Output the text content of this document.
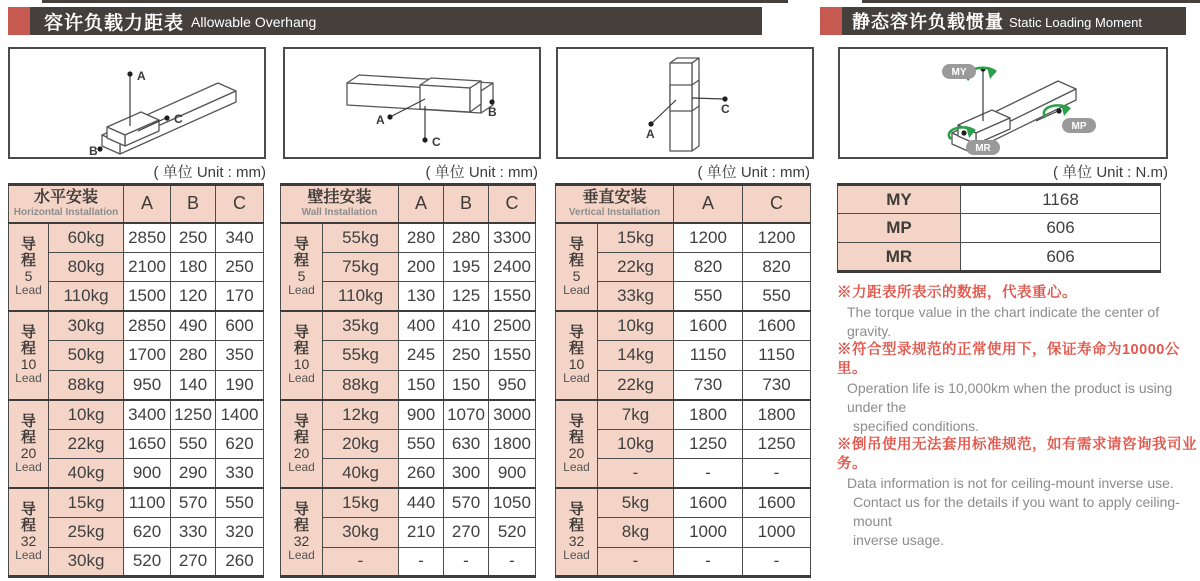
容许负载力距表 Allowable Overhang	静态容许负载惯量 Static Loading Moment
A
B
C	A
B
C
A
C
MY
MP
MR
( 单位 Unit : mm)	( 单位 Unit : mm)	( 单位 Unit : mm)	( 单位 Unit : N.m)
水平安装
Horizontal Installation		A	B	C

导程
5
Lead	60kg	2850	250	340
	80kg	2100	180	250
	110kg	1500	120	170

导程
10
Lead	30kg	2850	490	600
	50kg	1700	280	350
	88kg	950	140	190

导程
20
Lead	10kg	3400	1250	1400
	22kg	1650	550	620
	40kg	900	290	330

导程
32
Lead	15kg	1100	570	550
	25kg	620	330	320
	30kg	520	270	260
壁挂安装
Wall Installation		A	B	C

导程
5
Lead	55kg	280	280	3300
	75kg	200	195	2400
	110kg	130	125	1550

导程
10
Lead	35kg	400	410	2500
	55kg	245	250	1550
	88kg	150	150	950

导程
20
Lead	12kg	900	1070	3000
	20kg	550	630	1800
	40kg	260	300	900

导程
32
Lead	15kg	440	570	1050
	30kg	210	270	520
	-	-	-	-
垂直安装
Vertical Installation		A	C

导程
5
Lead	15kg	1200	1200
	22kg	820	820
	33kg	550	550

导程
10
Lead	10kg	1600	1600
	14kg	1150	1150
	22kg	730	730

导程
20
Lead	7kg	1800	1800
	10kg	1250	1250
	-	-	-

导程
32
Lead	5kg	1600	1600
	8kg	1000	1000
	-	-	-
MY	1168
MP	606
MR	606
※力距表所表示的数据，代表重心。
The torque value in the chart indicate the center of gravity.
※符合型录规范的正常使用下，保证寿命为10000公里。
Operation life is 10,000km when the product is using under the
specified conditions.
※倒吊使用无法套用标准规范，如有需求请咨询我司业务。
Data information is not for ceiling-mount inverse use.
Contact us for the details if you want to apply ceiling-mount
inverse usage.
